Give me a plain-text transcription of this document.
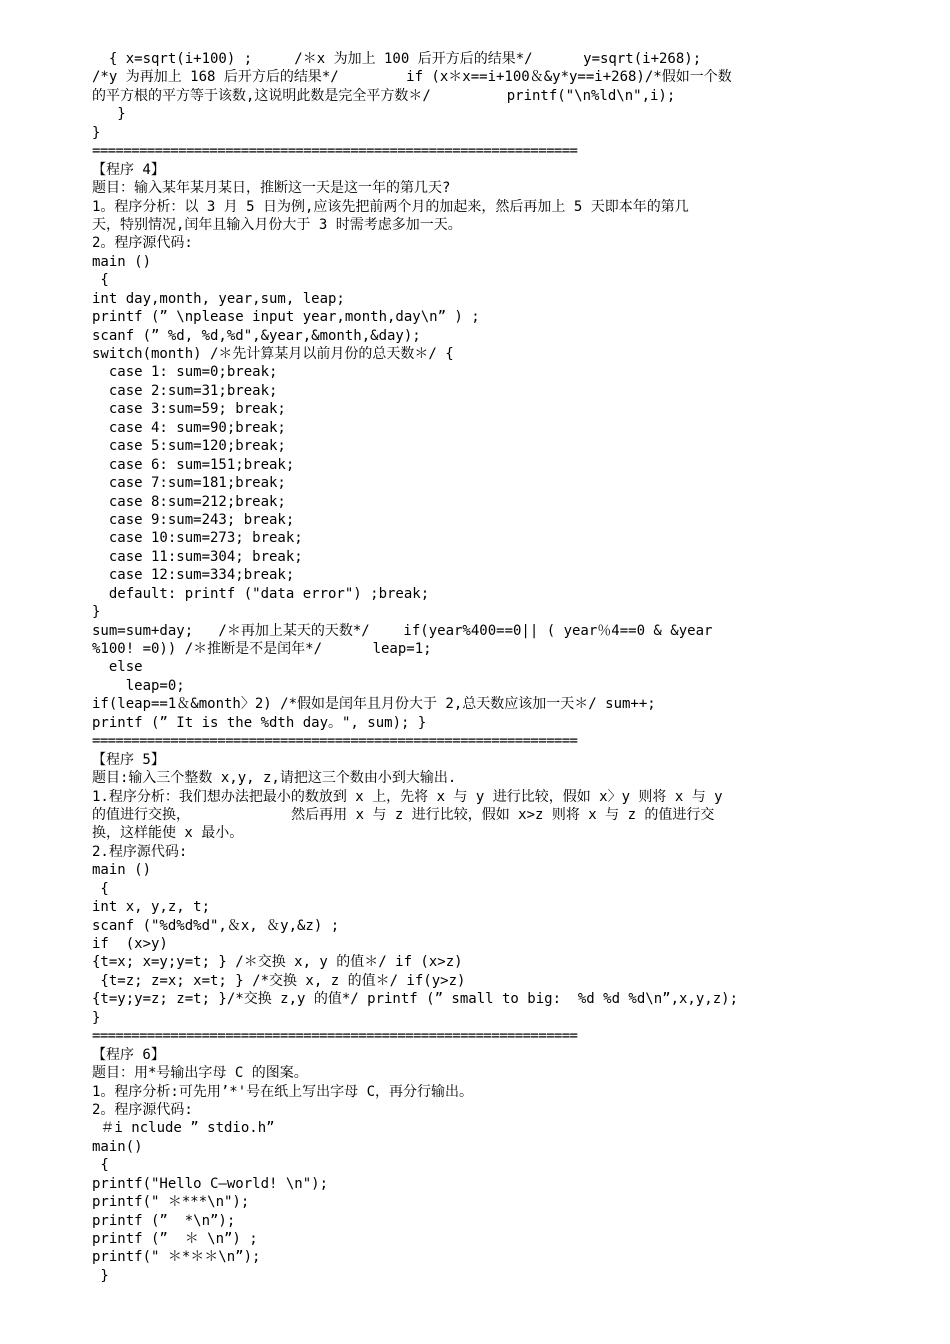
{ x=sqrt(i+100) ;     /＊x 为加上 100 后开方后的结果*/      y=sqrt(i+268);
/*y 为再加上 168 后开方后的结果*/        if (x＊x==i+100＆&y*y==i+268)/*假如一个数
的平方根的平方等于该数,这说明此数是完全平方数＊/         printf("\n%ld\n",i);
}
}
==============================================================
【程序 4】
题目：输入某年某月某日，推断这一天是这一年的第几天?
1。程序分析：以 3 月 5 日为例,应该先把前两个月的加起来，然后再加上 5 天即本年的第几
天，特别情况,闰年且输入月份大于 3 时需考虑多加一天。
2。程序源代码:
main ()
{
int day,month, year,sum, leap;
printf (” \nplease input year,month,day\n” ) ;
scanf (” %d, %d,%d",&year,&month,&day);
switch(month) /＊先计算某月以前月份的总天数＊/ {
case 1: sum=0;break;
case 2:sum=31;break;
case 3:sum=59; break;
case 4: sum=90;break;
case 5:sum=120;break;
case 6: sum=151;break;
case 7:sum=181;break;
case 8:sum=212;break;
case 9:sum=243; break;
case 10:sum=273; break;
case 11:sum=304; break;
case 12:sum=334;break;
default: printf ("data error") ;break;
}
sum=sum+day;   /＊再加上某天的天数*/    if(year%400==0|| ( year％4==0 & &year
%100! =0)) /＊推断是不是闰年*/      leap=1;
else
leap=0;
if(leap==1＆&month〉2) /*假如是闰年且月份大于 2,总天数应该加一天＊/ sum++;
printf (” It is the %dth day。", sum); }
==============================================================
【程序 5】
题目:输入三个整数 x,y, z,请把这三个数由小到大输出.
1.程序分析：我们想办法把最小的数放到 x 上，先将 x 与 y 进行比较，假如 x〉y 则将 x 与 y
的值进行交换，            然后再用 x 与 z 进行比较，假如 x>z 则将 x 与 z 的值进行交
换，这样能使 x 最小。
2.程序源代码:
main ()
{
int x, y,z, t;
scanf ("%d%d%d",＆x, ＆y,&z) ;
if  (x>y)
{t=x; x=y;y=t; } /＊交换 x, y 的值＊/ if (x>z)
{t=z; z=x; x=t; } /*交换 x, z 的值＊/ if(y>z)
{t=y;y=z; z=t; }/*交换 z,y 的值*/ printf (” small to big:  %d %d %d\n”,x,y,z);
}
==============================================================
【程序 6】
题目：用*号输出字母 C 的图案。
1。程序分析:可先用’*'号在纸上写出字母 C，再分行输出。
2。程序源代码:
＃i nclude ” stdio.h”
main()
{
printf("Hello C—world! \n");
printf(" ＊***\n");
printf (”  *\n”);
printf (”  ＊ \n”) ;
printf(" ＊*＊＊\n”);
}
